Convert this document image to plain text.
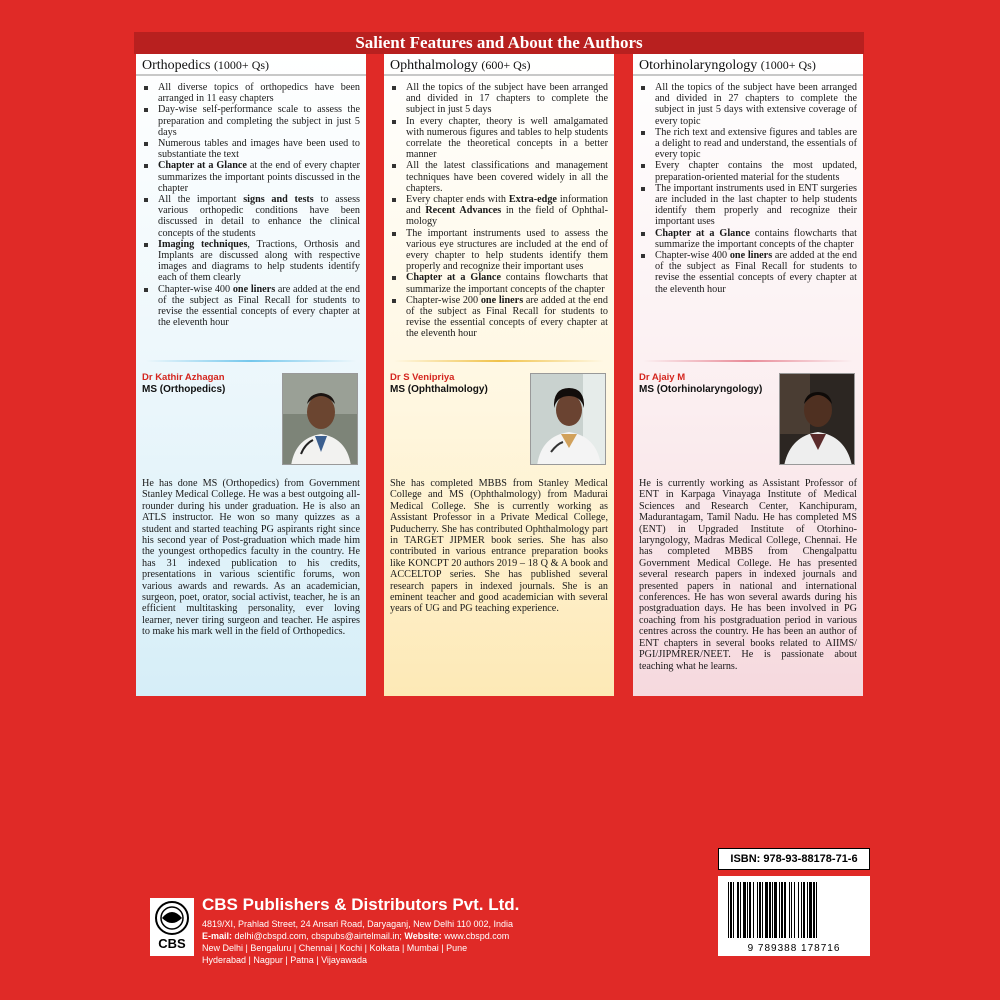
Salient Features and About the Authors
Orthopedics (1000+ Qs)
All diverse topics of orthopedics have been arranged in 11 easy chapters
Day-wise self-performance scale to assess the preparation and completing the subject in just 5 days
Numerous tables and images have been used to substantiate the text
Chapter at a Glance at the end of every chapter summarizes the important points discussed in the chapter
All the important signs and tests to assess various orthopedic conditions have been discussed in detail to enhance the clinical concepts of the students
Imaging techniques, Tractions, Orthosis and Implants are discussed along with respective images and diagrams to help students identify each of them clearly
Chapter-wise 400 one liners are added at the end of the subject as Final Recall for students to revise the essential concepts of every chapter at the eleventh hour
Dr Kathir Azhagan
MS (Orthopedics)
He has done MS (Orthopedics) from Government Stanley Medical College. He was a best outgoing all-rounder during his under graduation. He is also an ATLS instructor. He won so many quizzes as a student and started teaching PG aspirants right since his second year of Post-graduation which made him the youngest orthopedics faculty in the country. He has 31 indexed publication to his credits, presentations in various scientific forums, won various awards and rewards. As an academician, surgeon, poet, orator, social activist, teacher, he is an efficient multitasking personality, ever loving learner, never tiring surgeon and teacher. He aspires to make his mark well in the field of Orthopedics.
Ophthalmology (600+ Qs)
All the topics of the subject have been arranged and divided in 17 chapters to complete the subject in just 5 days
In every chapter, theory is well amalgamated with numerous figures and tables to help students correlate the theoretical concepts in a better manner
All the latest classifications and management techniques have been covered widely in all the chapters.
Every chapter ends with Extra-edge information and Recent Advances in the field of Ophthal-mology
The important instruments used to assess the various eye structures are included at the end of every chapter to help students identify them properly and recognize their important uses
Chapter at a Glance contains flowcharts that summarize the important concepts of the chapter
Chapter-wise 200 one liners are added at the end of the subject as Final Recall for students to revise the essential concepts of every chapter at the eleventh hour
Dr S Venipriya
MS (Ophthalmology)
She has completed MBBS from Stanley Medical College and MS (Ophthalmology) from Madurai Medical College. She is currently working as Assistant Professor in a Private Medical College, Puducherry. She has contributed Ophthalmology part in TARGET JIPMER book series. She has also contributed in various entrance preparation books like KONCPT 20 authors 2019 – 18 Q & A book and ACCELTOP series. She has published several research papers in indexed journals. She is an eminent teacher and good academician with several years of UG and PG teaching experience.
Otorhinolaryngology (1000+ Qs)
All the topics of the subject have been arranged and divided in 27 chapters to complete the subject in just 5 days with extensive coverage of every topic
The rich text and extensive figures and tables are a delight to read and understand, the essentials of every topic
Every chapter contains the most updated, preparation-oriented material for the students
The important instruments used in ENT surgeries are included in the last chapter to help students identify them properly and recognize their important uses
Chapter at a Glance contains flowcharts that summarize the important concepts of the chapter
Chapter-wise 400 one liners are added at the end of the subject as Final Recall for students to revise the essential concepts of every chapter at the eleventh hour
Dr Ajaiy M
MS (Otorhinolaryngology)
He is currently working as Assistant Professor of ENT in Karpaga Vinayaga Institute of Medical Sciences and Research Center, Kanchipuram, Madurantagam, Tamil Nadu. He has completed MS (ENT) in Upgraded Institute of Otorhino-laryngology, Madras Medical College, Chennai. He has completed MBBS from Chengalpattu Government Medical College. He has presented several research papers in indexed journals and presented papers in national and international conferences. He has won several awards during his postgraduation days. He has been involved in PG coaching from his postgraduation period in various centres across the country. He has been an author of ENT chapters in several books related to AIIMS/ PGI/JIPMRER/NEET. He is passionate about teaching what he learns.
ISBN: 978-93-88178-71-6
9 789388 178716
CBS
CBS Publishers & Distributors Pvt. Ltd.
4819/XI, Prahlad Street, 24 Ansari Road, Daryaganj, New Delhi 110 002, India
E-mail: delhi@cbspd.com, cbspubs@airtelmail.in; Website: www.cbspd.com
New Delhi | Bengaluru | Chennai | Kochi | Kolkata | Mumbai | Pune
Hyderabad | Nagpur | Patna | Vijayawada
